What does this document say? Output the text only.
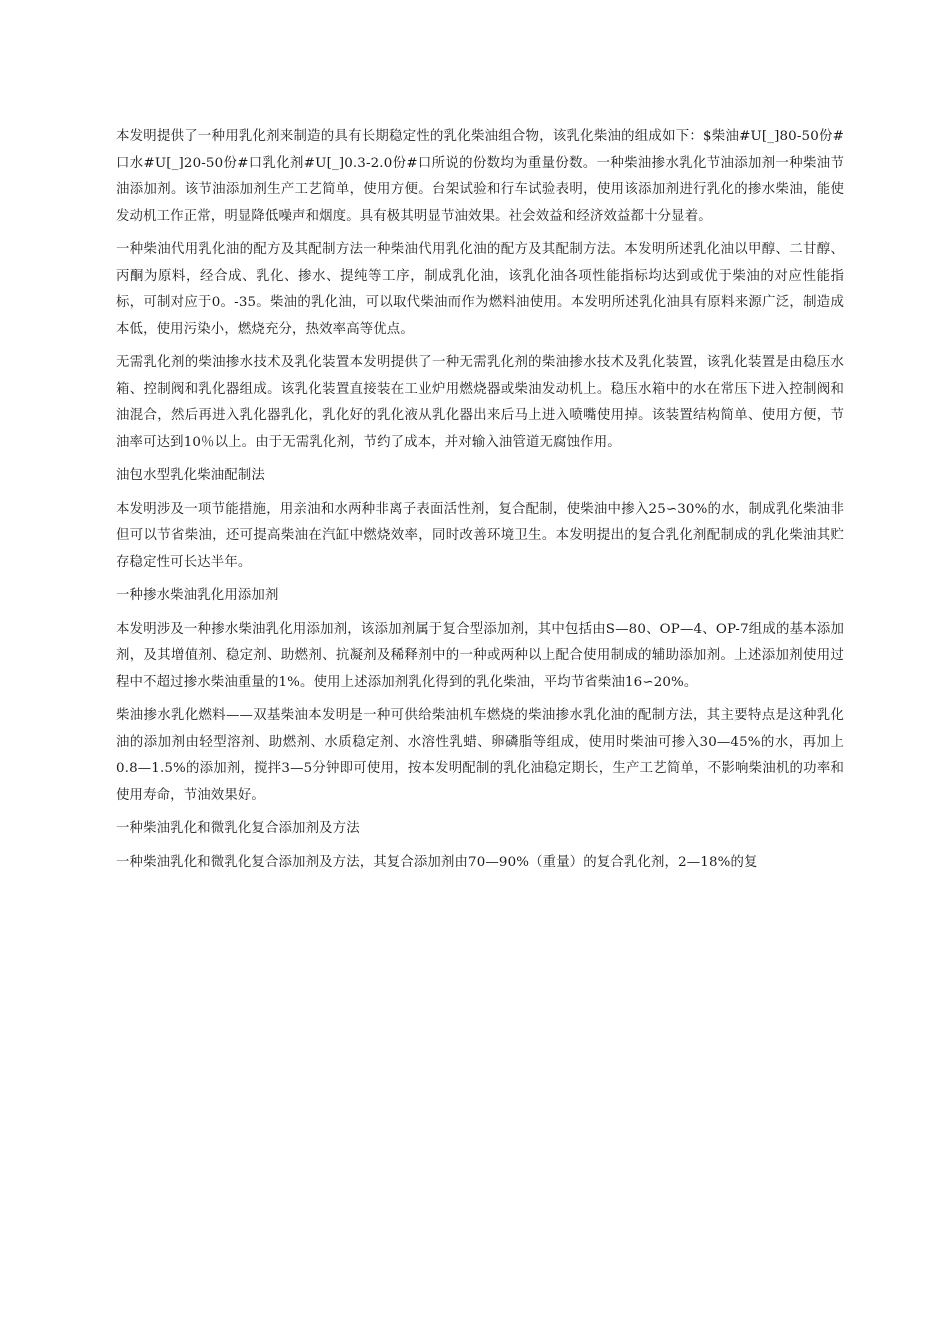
本发明提供了一种用乳化剂来制造的具有长期稳定性的乳化柴油组合物，该乳化柴油的组成如下：$柴油#U[_]80-50份#口水#U[_]20-50份#口乳化剂#U[_]0.3-2.0份#口所说的份数均为重量份数。一种柴油掺水乳化节油添加剂一种柴油节油添加剂。该节油添加剂生产工艺简单，使用方便。台架试验和行车试验表明，使用该添加剂进行乳化的掺水柴油，能使发动机工作正常，明显降低噪声和烟度。具有极其明显节油效果。社会效益和经济效益都十分显着。

一种柴油代用乳化油的配方及其配制方法一种柴油代用乳化油的配方及其配制方法。本发明所述乳化油以甲醇、二甘醇、丙酮为原料，经合成、乳化、掺水、提纯等工序，制成乳化油，该乳化油各项性能指标均达到或优于柴油的对应性能指标，可制对应于0。-35。柴油的乳化油，可以取代柴油而作为燃料油使用。本发明所述乳化油具有原料来源广泛，制造成本低，使用污染小，燃烧充分，热效率高等优点。

无需乳化剂的柴油掺水技术及乳化装置本发明提供了一种无需乳化剂的柴油掺水技术及乳化装置，该乳化装置是由稳压水箱、控制阀和乳化器组成。该乳化装置直接装在工业炉用燃烧器或柴油发动机上。稳压水箱中的水在常压下进入控制阀和油混合，然后再进入乳化器乳化，乳化好的乳化液从乳化器出来后马上进入喷嘴使用掉。该装置结构简单、使用方便，节油率可达到10％以上。由于无需乳化剂，节约了成本，并对输入油管道无腐蚀作用。

油包水型乳化柴油配制法

本发明涉及一项节能措施，用亲油和水两种非离子表面活性剂，复合配制，使柴油中掺入25∽30%的水，制成乳化柴油非但可以节省柴油，还可提高柴油在汽缸中燃烧效率，同时改善环境卫生。本发明提出的复合乳化剂配制成的乳化柴油其贮存稳定性可长达半年。

一种掺水柴油乳化用添加剂

本发明涉及一种掺水柴油乳化用添加剂，该添加剂属于复合型添加剂，其中包括由S—80、OP—4、OP-7组成的基本添加剂，及其增值剂、稳定剂、助燃剂、抗凝剂及稀释剂中的一种或两种以上配合使用制成的辅助添加剂。上述添加剂使用过程中不超过掺水柴油重量的1%。使用上述添加剂乳化得到的乳化柴油，平均节省柴油16∽20%。

柴油掺水乳化燃料——双基柴油本发明是一种可供给柴油机车燃烧的柴油掺水乳化油的配制方法，其主要特点是这种乳化油的添加剂由轻型溶剂、助燃剂、水质稳定剂、水溶性乳蜡、卵磷脂等组成，使用时柴油可掺入30—45%的水，再加上0.8—1.5%的添加剂，搅拌3—5分钟即可使用，按本发明配制的乳化油稳定期长，生产工艺简单，不影响柴油机的功率和使用寿命，节油效果好。

一种柴油乳化和微乳化复合添加剂及方法

一种柴油乳化和微乳化复合添加剂及方法，其复合添加剂由70—90%（重量）的复合乳化剂，2—18%的复
